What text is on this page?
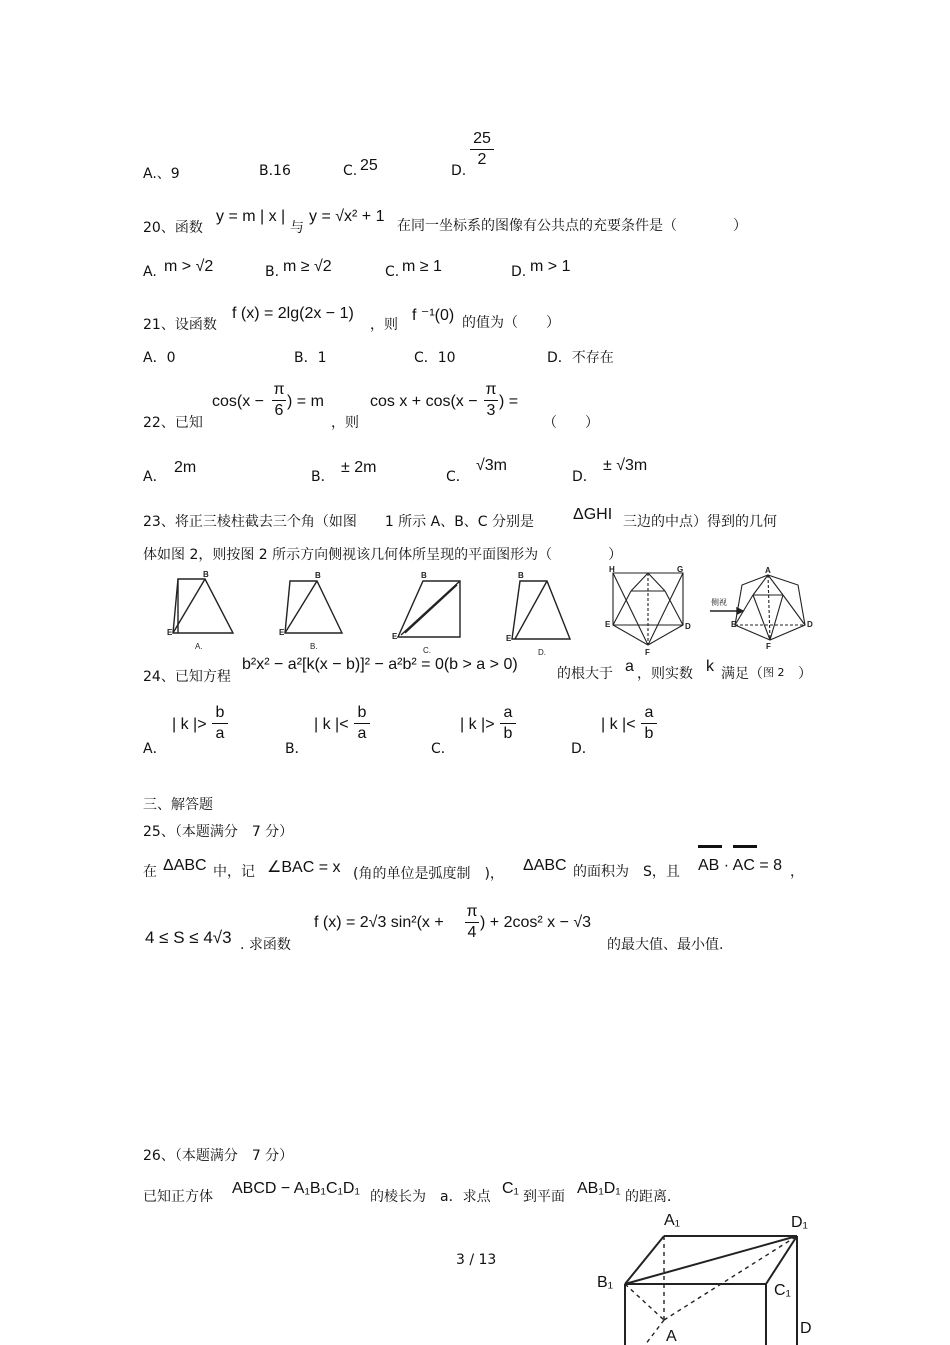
A.、9	B.16	C. 25	D.
25
2
20、函数
y = m | x |
与
y = √x² + 1
在同一坐标系的图像有公共点的充要条件是（　　　　）
A. m > √2	B. m ≥ √2	C. m ≥ 1	D. m > 1
21、设函数
f (x) = 2lg(2x − 1)
，则
f ⁻¹(0) 的值为（　　）
A．0	B．1	C．10	D．不存在
22、已知
cos(x −
π
6
) = m
，则
cos x + cos(x −
π
3
) =
（　　）
A．
2m
B．
± 2m
C．
√3m
D．
± √3m
23、将正三棱柱截去三个角（如图　　1 所示 A、B、C 分别是 ΔGHI 三边的中点）得到的几何
体如图 2，则按图 2 所示方向侧视该几何体所呈现的平面图形为（　　　　）
B
E
B
E
B
E
B
E
H	G
E	D
F
A
E	D
F
A.	B.	C.	D.
侧视
24、已知方程
b²x² − a²[k(x − b)]² − a²b² = 0(b > a > 0)
的根大于 a ，则实数 k 满足（ 图 2 ）
A．
| k |>
b
a
B．
| k |<
b
a
C．
| k |>
a
b
D．
| k |<
a
b
三、解答题
25、（本题满分　7 分）
在 ΔABC 中，记 ∠BAC = x (角的单位是弧度制　)， ΔABC 的面积为　S，且 AB · AC = 8 ，
4 ≤ S ≤ 4√3 . 求函数
f (x) = 2√3 sin²(x +
π
4
) + 2cos² x − √3
的最大值、最小值.
26、（本题满分　7 分）
已知正方体 ABCD − A₁B₁C₁D₁ 的棱长为　a．求点 C₁ 到平面 AB₁D₁ 的距离．
A₁	D₁
B₁	C₁
A	D
3 / 13
